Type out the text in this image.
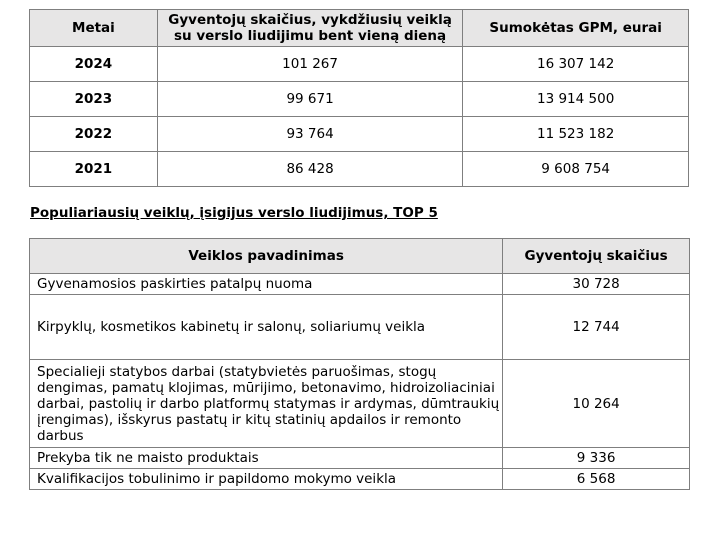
Metai	Gyventojų skaičius, vykdžiusių veiklą su verslo liudijimu bent vieną dieną	Sumokėtas GPM, eurai
2024	101 267	16 307 142
2023	99 671	13 914 500
2022	93 764	11 523 182
2021	86 428	9 608 754
Populiariausių veiklų, įsigijus verslo liudijimus, TOP 5
Veiklos pavadinimas	Gyventojų skaičius
Gyvenamosios paskirties patalpų nuoma	30 728
Kirpyklų, kosmetikos kabinetų ir salonų, soliariumų veikla	12 744
Specialieji statybos darbai (statybvietės paruošimas, stogų dengimas, pamatų klojimas, mūrijimo, betonavimo, hidroizoliaciniai darbai, pastolių ir darbo platformų statymas ir ardymas, dūmtraukių įrengimas), išskyrus pastatų ir kitų statinių apdailos ir remonto darbus	10 264
Prekyba tik ne maisto produktais	9 336
Kvalifikacijos tobulinimo ir papildomo mokymo veikla	6 568
